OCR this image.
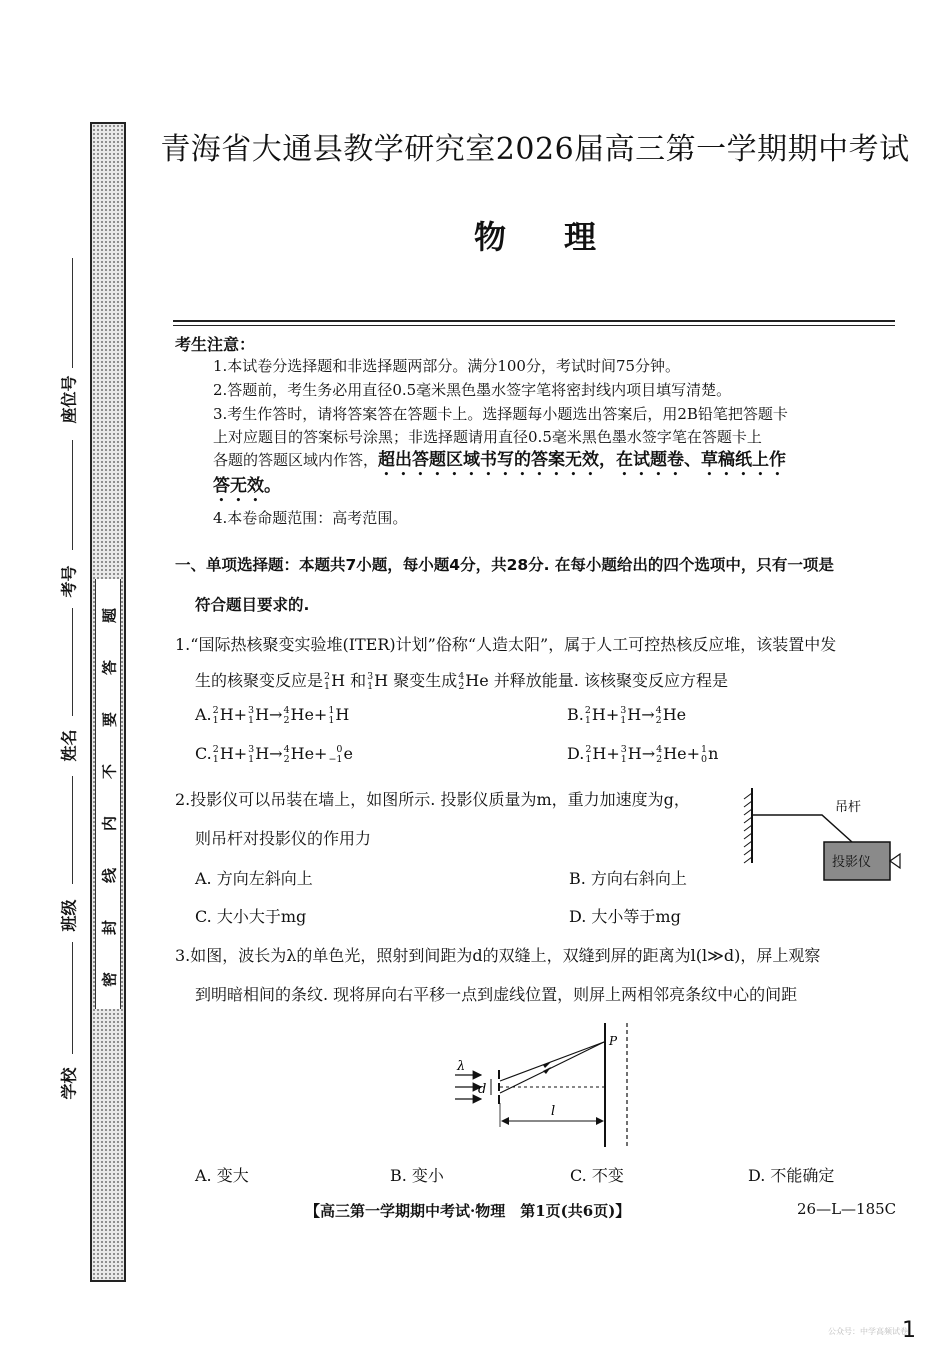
密
封
线
内
不
要
答
题
座位号
考号
姓名
班级
学校
青海省大通县教学研究室2026届高三第一学期期中考试
物理
考生注意：
1.本试卷分选择题和非选择题两部分。满分100分，考试时间75分钟。
2.答题前，考生务必用直径0.5毫米黑色墨水签字笔将密封线内项目填写清楚。
3.考生作答时，请将答案答在答题卡上。选择题每小题选出答案后，用2B铅笔把答题卡
上对应题目的答案标号涂黑；非选择题请用直径0.5毫米黑色墨水签字笔在答题卡上
各题的答题区域内作答，超出答题区域书写的答案无效，在试题卷、草稿纸上作
答无效。
4.本卷命题范围：高考范围。
一、单项选择题：本题共7小题，每小题4分，共28分. 在每小题给出的四个选项中，只有一项是
符合题目要求的.
1.“国际热核聚变实验堆(ITER)计划”俗称“人造太阳”，属于人工可控热核反应堆，该装置中发
生的核聚变反应是 2
1 H 和 3
1 H 聚变生成 4
2 He 并释放能量. 该核聚变反应方程是
A. 2
1 H+ 3
1 H→ 4
2 He+ 1
1 H	B. 2
1 H+ 3
1 H→ 4
2 He
C. 2
1 H+ 3
1 H→ 4
2 He+ 0
−1 e	D. 2
1 H+ 3
1 H→ 4
2 He+ 1
0 n
2.投影仪可以吊装在墙上，如图所示. 投影仪质量为m，重力加速度为g，
则吊杆对投影仪的作用力
吊杆
投影仪
A. 方向左斜向上	B. 方向右斜向上
C. 大小大于mg	D. 大小等于mg
3.如图，波长为λ的单色光，照射到间距为d的双缝上，双缝到屏的距离为l(l≫d)，屏上观察
到明暗相间的条纹. 现将屏向右平移一点到虚线位置，则屏上两相邻亮条纹中心的间距
λ
d
P
l
A. 变大	B. 变小	C. 不变	D. 不能确定
【高三第一学期期中考试·物理　第1页(共6页)】	26—L—185C
公众号：中学高频试卷
1
